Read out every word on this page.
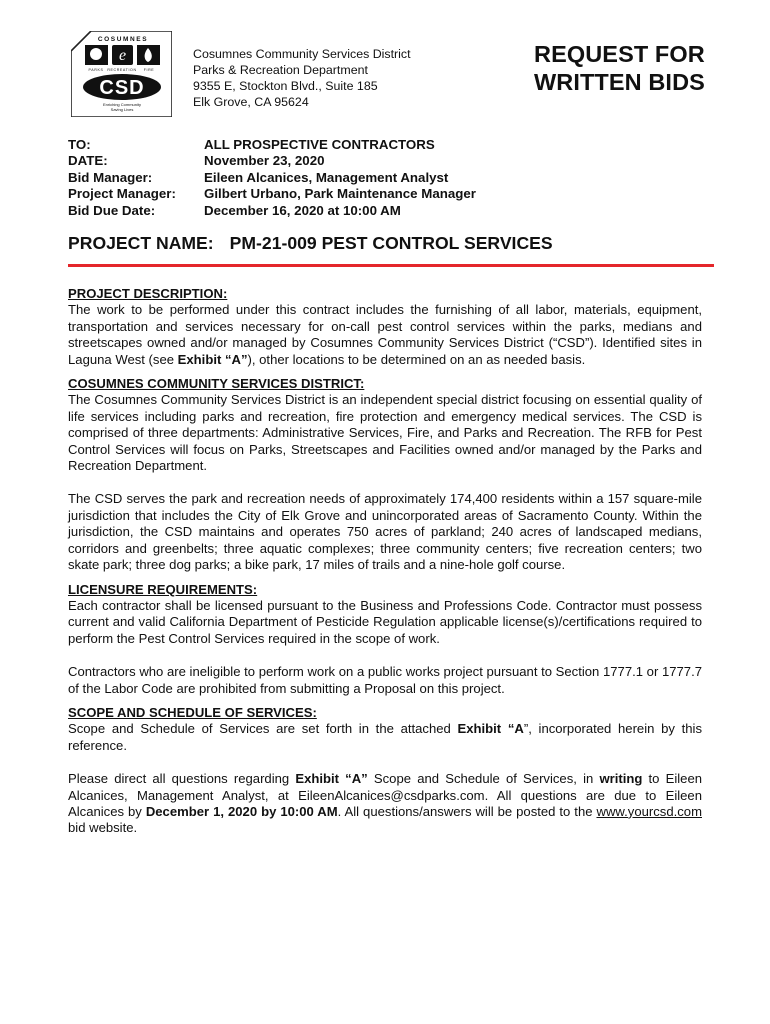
COSUMNES
e
PARKS RECREATION FIRE
CSD
Enriching Community
Saving Lives
Cosumnes Community Services District
Parks & Recreation Department
9355 E, Stockton Blvd., Suite 185
Elk Grove, CA 95624
REQUEST FOR
WRITTEN BIDS
TO:
DATE:
Bid Manager:
Project Manager:
Bid Due Date:
ALL PROSPECTIVE CONTRACTORS
November 23, 2020
Eileen Alcanices, Management Analyst
Gilbert Urbano, Park Maintenance Manager
December 16, 2020 at 10:00 AM
PROJECT NAME: PM-21-009 PEST CONTROL SERVICES

PROJECT DESCRIPTION:

The work to be performed under this contract includes the furnishing of all labor, materials, equipment, transportation and services necessary for on-call pest control services within the parks, medians and streetscapes owned and/or managed by Cosumnes Community Services District (“CSD”). Identified sites in Laguna West (see Exhibit “A”), other locations to be determined on an as needed basis.

COSUMNES COMMUNITY SERVICES DISTRICT:

The Cosumnes Community Services District is an independent special district focusing on essential quality of life services including parks and recreation, fire protection and emergency medical services. The CSD is comprised of three departments: Administrative Services, Fire, and Parks and Recreation. The RFB for Pest Control Services will focus on Parks, Streetscapes and Facilities owned and/or managed by the Parks and Recreation Department.

The CSD serves the park and recreation needs of approximately 174,400 residents within a 157 square-mile jurisdiction that includes the City of Elk Grove and unincorporated areas of Sacramento County. Within the jurisdiction, the CSD maintains and operates 750 acres of parkland; 240 acres of landscaped medians, corridors and greenbelts; three aquatic complexes; three community centers; five recreation centers; two skate park; three dog parks; a bike park, 17 miles of trails and a nine-hole golf course.

LICENSURE REQUIREMENTS:

Each contractor shall be licensed pursuant to the Business and Professions Code. Contractor must possess current and valid California Department of Pesticide Regulation applicable license(s)/certifications required to perform the Pest Control Services required in the scope of work.

Contractors who are ineligible to perform work on a public works project pursuant to Section 1777.1 or 1777.7 of the Labor Code are prohibited from submitting a Proposal on this project.

SCOPE AND SCHEDULE OF SERVICES:

Scope and Schedule of Services are set forth in the attached Exhibit “A”, incorporated herein by this reference.

Please direct all questions regarding Exhibit “A” Scope and Schedule of Services, in writing to Eileen Alcanices, Management Analyst, at EileenAlcanices@csdparks.com. All questions are due to Eileen Alcanices by December 1, 2020 by 10:00 AM. All questions/answers will be posted to the www.yourcsd.com bid website.
